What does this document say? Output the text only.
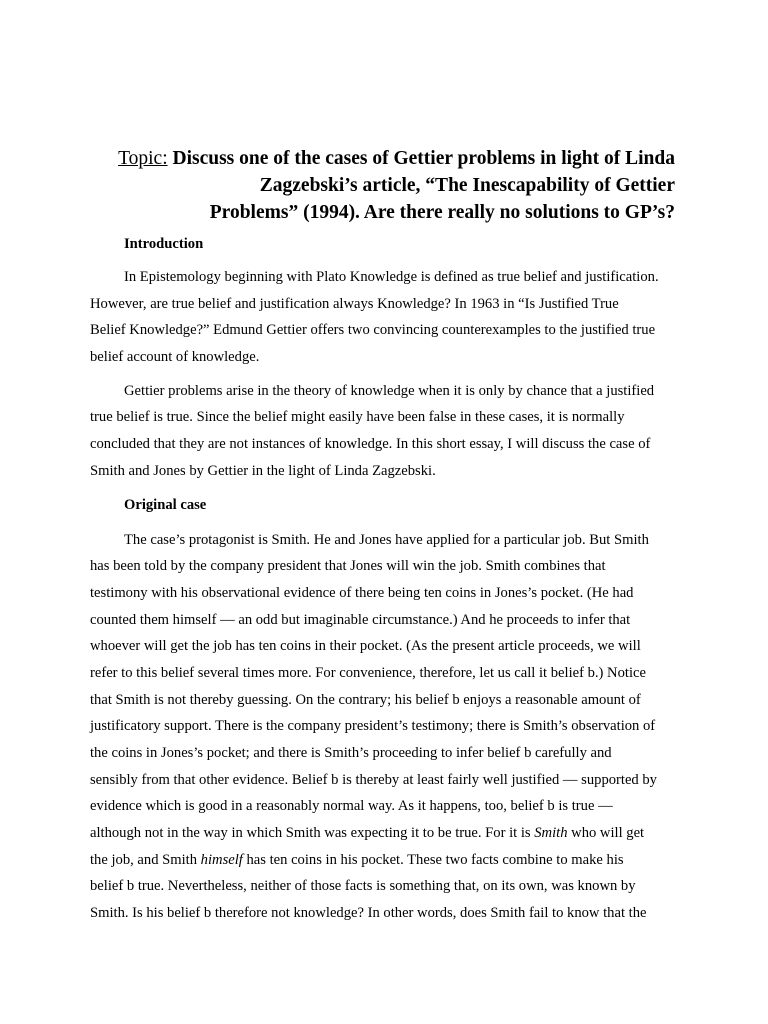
Topic: Discuss one of the cases of Gettier problems in light of Linda
Zagzebski’s article, “The Inescapability of Gettier
Problems” (1994). Are there really no solutions to GP’s?
Introduction
In Epistemology beginning with Plato Knowledge is defined as true belief and justification.
However, are true belief and justification always Knowledge? In 1963 in “Is Justified True
Belief Knowledge?” Edmund Gettier offers two convincing counterexamples to the justified true
belief account of knowledge.
Gettier problems arise in the theory of knowledge when it is only by chance that a justified
true belief is true. Since the belief might easily have been false in these cases, it is normally
concluded that they are not instances of knowledge. In this short essay, I will discuss the case of
Smith and Jones by Gettier in the light of Linda Zagzebski.
Original case
The case’s protagonist is Smith. He and Jones have applied for a particular job. But Smith
has been told by the company president that Jones will win the job. Smith combines that
testimony with his observational evidence of there being ten coins in Jones’s pocket. (He had
counted them himself — an odd but imaginable circumstance.) And he proceeds to infer that
whoever will get the job has ten coins in their pocket. (As the present article proceeds, we will
refer to this belief several times more. For convenience, therefore, let us call it belief b.) Notice
that Smith is not thereby guessing. On the contrary; his belief b enjoys a reasonable amount of
justificatory support. There is the company president’s testimony; there is Smith’s observation of
the coins in Jones’s pocket; and there is Smith’s proceeding to infer belief b carefully and
sensibly from that other evidence. Belief b is thereby at least fairly well justified — supported by
evidence which is good in a reasonably normal way. As it happens, too, belief b is true —
although not in the way in which Smith was expecting it to be true. For it is Smith who will get
the job, and Smith himself has ten coins in his pocket. These two facts combine to make his
belief b true. Nevertheless, neither of those facts is something that, on its own, was known by
Smith. Is his belief b therefore not knowledge? In other words, does Smith fail to know that the
